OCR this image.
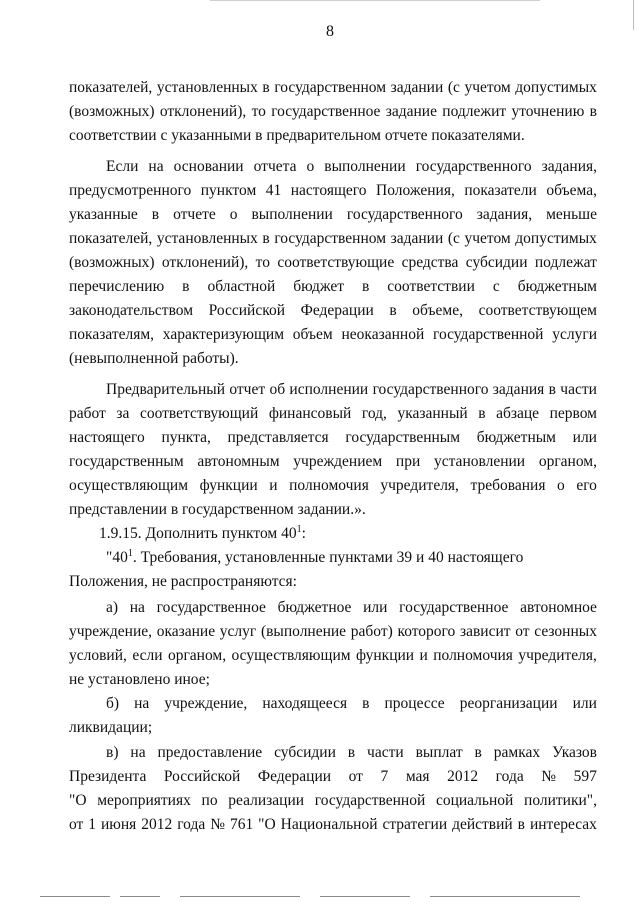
8
показателей, установленных в государственном задании (с учетом допустимых
(возможных) отклонений), то государственное задание подлежит уточнению в
соответствии с указанными в предварительном отчете показателями.
Если на основании отчета о выполнении государственного задания,
предусмотренного пунктом 41 настоящего Положения, показатели объема,
указанные в отчете о выполнении государственного задания, меньше
показателей, установленных в государственном задании (с учетом допустимых
(возможных) отклонений), то соответствующие средства субсидии подлежат
перечислению в областной бюджет в соответствии с бюджетным
законодательством Российской Федерации в объеме, соответствующем
показателям, характеризующим объем неоказанной государственной услуги
(невыполненной работы).
Предварительный отчет об исполнении государственного задания в части
работ за соответствующий финансовый год, указанный в абзаце первом
настоящего пункта, представляется государственным бюджетным или
государственным автономным учреждением при установлении органом,
осуществляющим функции и полномочия учредителя, требования о его
представлении в государственном задании.».
1.9.15. Дополнить пунктом $40^1$:
"$40^1$. Требования, установленные пунктами 39 и 40 настоящего
Положения, не распространяются:
а) на государственное бюджетное или государственное автономное
учреждение, оказание услуг (выполнение работ) которого зависит от сезонных
условий, если органом, осуществляющим функции и полномочия учредителя,
не установлено иное;
б) на учреждение, находящееся в процессе реорганизации или
ликвидации;
в) на предоставление субсидии в части выплат в рамках Указов
Президента Российской Федерации от 7 мая 2012 года № 597
"О мероприятиях по реализации государственной социальной политики",
от 1 июня 2012 года № 761 "О Национальной стратегии действий в интересах
